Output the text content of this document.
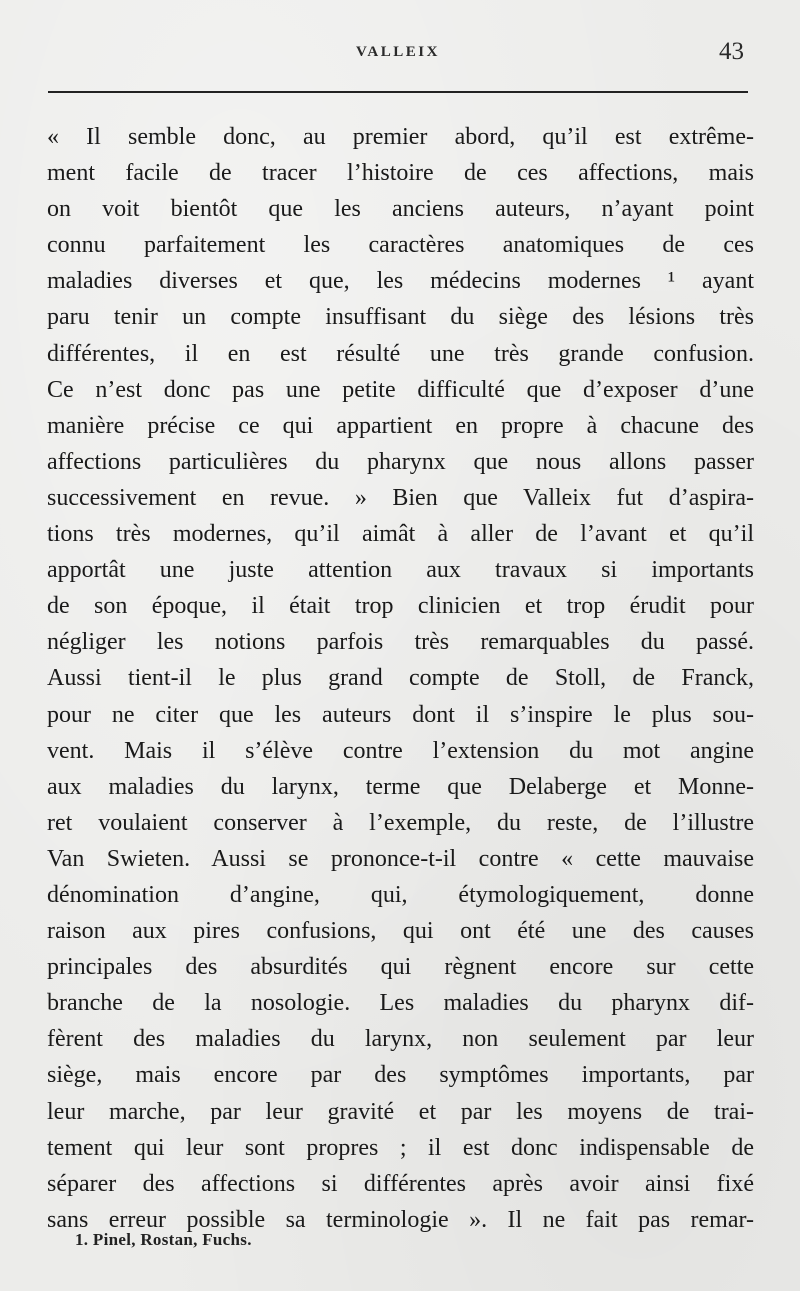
VALLEIX	43
« Il semble donc, au premier abord, qu’il est extrême-
ment facile de tracer l’histoire de ces affections, mais
on voit bientôt que les anciens auteurs, n’ayant point
connu parfaitement les caractères anatomiques de ces
maladies diverses et que, les médecins modernes ¹ ayant
paru tenir un compte insuffisant du siège des lésions très
différentes, il en est résulté une très grande confusion.
Ce n’est donc pas une petite difficulté que d’exposer d’une
manière précise ce qui appartient en propre à chacune des
affections particulières du pharynx que nous allons passer
successivement en revue. » Bien que Valleix fut d’aspira-
tions très modernes, qu’il aimât à aller de l’avant et qu’il
apportât une juste attention aux travaux si importants
de son époque, il était trop clinicien et trop érudit pour
négliger les notions parfois très remarquables du passé.
Aussi tient-il le plus grand compte de Stoll, de Franck,
pour ne citer que les auteurs dont il s’inspire le plus sou-
vent. Mais il s’élève contre l’extension du mot angine
aux maladies du larynx, terme que Delaberge et Monne-
ret voulaient conserver à l’exemple, du reste, de l’illustre
Van Swieten. Aussi se prononce-t-il contre « cette mauvaise
dénomination d’angine, qui, étymologiquement, donne
raison aux pires confusions, qui ont été une des causes
principales des absurdités qui règnent encore sur cette
branche de la nosologie. Les maladies du pharynx dif-
fèrent des maladies du larynx, non seulement par leur
siège, mais encore par des symptômes importants, par
leur marche, par leur gravité et par les moyens de trai-
tement qui leur sont propres ; il est donc indispensable de
séparer des affections si différentes après avoir ainsi fixé
sans erreur possible sa terminologie ». Il ne fait pas remar-
1. Pinel, Rostan, Fuchs.
